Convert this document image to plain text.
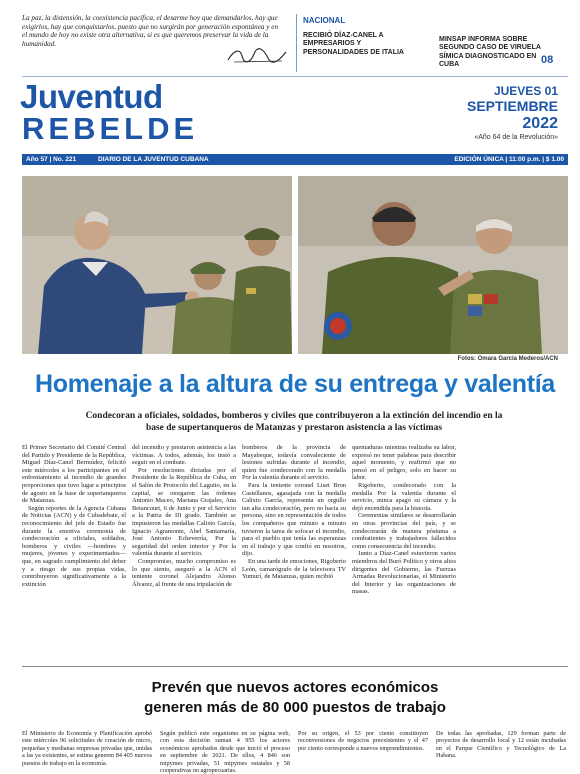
La paz, la distensión, la coexistencia pacífica, el desarme hoy que demandarlos, hay que exigirlos, hay que conquistarlos, puesto que no surgirán por generación espontánea y en el mundo de hoy no existe otra alternativa, si es que queremos preservar la vida de la humanidad.
NACIONAL
RECIBIÓ DÍAZ-CANEL A EMPRESARIOS Y PERSONALIDADES DE ITALIA
MINSAP INFORMA SOBRE SEGUNDO CASO DE VIRUELA SÍMICA DIAGNOSTICADO EN CUBA	08
Juventud
REBELDE
JUEVES 01
SEPTIEMBRE
2022
«Año 64 de la Revolución»
Año 57 | No. 221	DIARIO DE LA JUVENTUD CUBANA	EDICIÓN ÚNICA | 11:00 p.m. | $ 1.00
Fotos: Omara García Mederos/ACN
Homenaje a la altura de su entrega y valentía
Condecoran a oficiales, soldados, bomberos y civiles que contribuyeron a la extinción del incendio en la base de supertanqueros de Matanzas y prestaron asistencia a las víctimas

El Primer Secretario del Comité Central del Partido y Presidente de la República, Miguel Díaz-Canel Bermúdez, felicitó este miércoles a los participantes en el enfrentamiento al incendio de grandes proporciones que tuvo lugar a principios de agosto en la base de supertanqueros de Matanzas.

Según reportes de la Agencia Cubana de Noticias (ACN) y de Cubadebate, el reconocimiento del jefe de Estado fue durante la emotiva ceremonia de condecoración a oficiales, soldados, bomberos y civiles —hombres y mujeres, jóvenes y experimentados— que, en sagrado cumplimiento del deber y a riesgo de sus propias vidas, contribuyeron significativamente a la extinción

del incendio y prestaron asistencia a las víctimas. A todos, además, los instó a seguir en el combate.

Por resoluciones dictadas por el Presidente de la República de Cuba, en el Salón de Protocolo del Laguito, en la capital, se otorgaron las órdenes Antonio Maceo, Mariana Grajales, Ana Betancourt, 6 de Junio y por el Servicio a la Patria de III grado. También se impusieron las medallas Calixto García, Ignacio Agramonte, Abel Santamaría, José Antonio Echeverría, Por la seguridad del orden interior y Por la valentía durante el servicio.

Compromiso, mucho compromiso es lo que siento, aseguró a la ACN el teniente coronel Alejandro Alonso Álvarez, al frente de una tripulación de

bomberos de la provincia de Mayabeque, todavía convaleciente de lesiones sufridas durante el incendio, quien fue condecorado con la medalla Por la valentía durante el servicio.

Para la teniente coronel Liset Bron Castellanos, agasajada con la medalla Calixto García, representa un orgullo tan alta condecoración, pero no hacia su persona, sino en representación de todos los compañeros que minuto a minuto tuvieron la tarea de sofocar el incendio, para el pueblo que tenía las esperanzas en el trabajo y que confió en nosotros, dijo.

En una tarde de emociones, Rigoberto León, camarógrafo de la televisora TV Yumurí, de Matanzas, quien recibió

quemaduras mientras realizaba su labor, expresó no tener palabras para describir aquel momento, y reafirmó que no pensó en el peligro, solo en hacer su labor.

Rigoberto, condecorado con la medalla Por la valentía durante el servicio, nunca apagó su cámara y la dejó encendida para la historia.

Ceremonias similares se desarrollarán en otras provincias del país, y se condecorarán de manera póstuma a combatientes y trabajadores fallecidos como consecuencia del incendio.

Junto a Díaz-Canel estuvieron varios miembros del Buró Político y otros altos dirigentes del Gobierno, las Fuerzas Armadas Revolucionarias, el Ministerio del Interior y las organizaciones de masas.

Prevén que nuevos actores económicos
generen más de 80 000 puestos de trabajo
El Ministerio de Economía y Planificación aprobó este miércoles 96 solicitudes de creación de micro, pequeñas y medianas empresas privadas que, unidas a las ya existentes, se estima generen 84 405 nuevos puestos de trabajo en la economía.
Según publicó este organismo en su página web, con esta decisión suman 4 955 los actores económicos aprobados desde que inició el proceso en septiembre de 2021. De ellos, 4 846 son mipymes privadas, 51 mipymes estatales y 58 cooperativas no agropecuarias.
Por su origen, el 53 por ciento constituyen reconversiones de negocios preexistentes y el 47 por ciento corresponde a nuevos emprendimientos.
De todas las aprobadas, 129 forman parte de proyectos de desarrollo local y 12 están incubadas en el Parque Científico y Tecnológico de La Habana.
